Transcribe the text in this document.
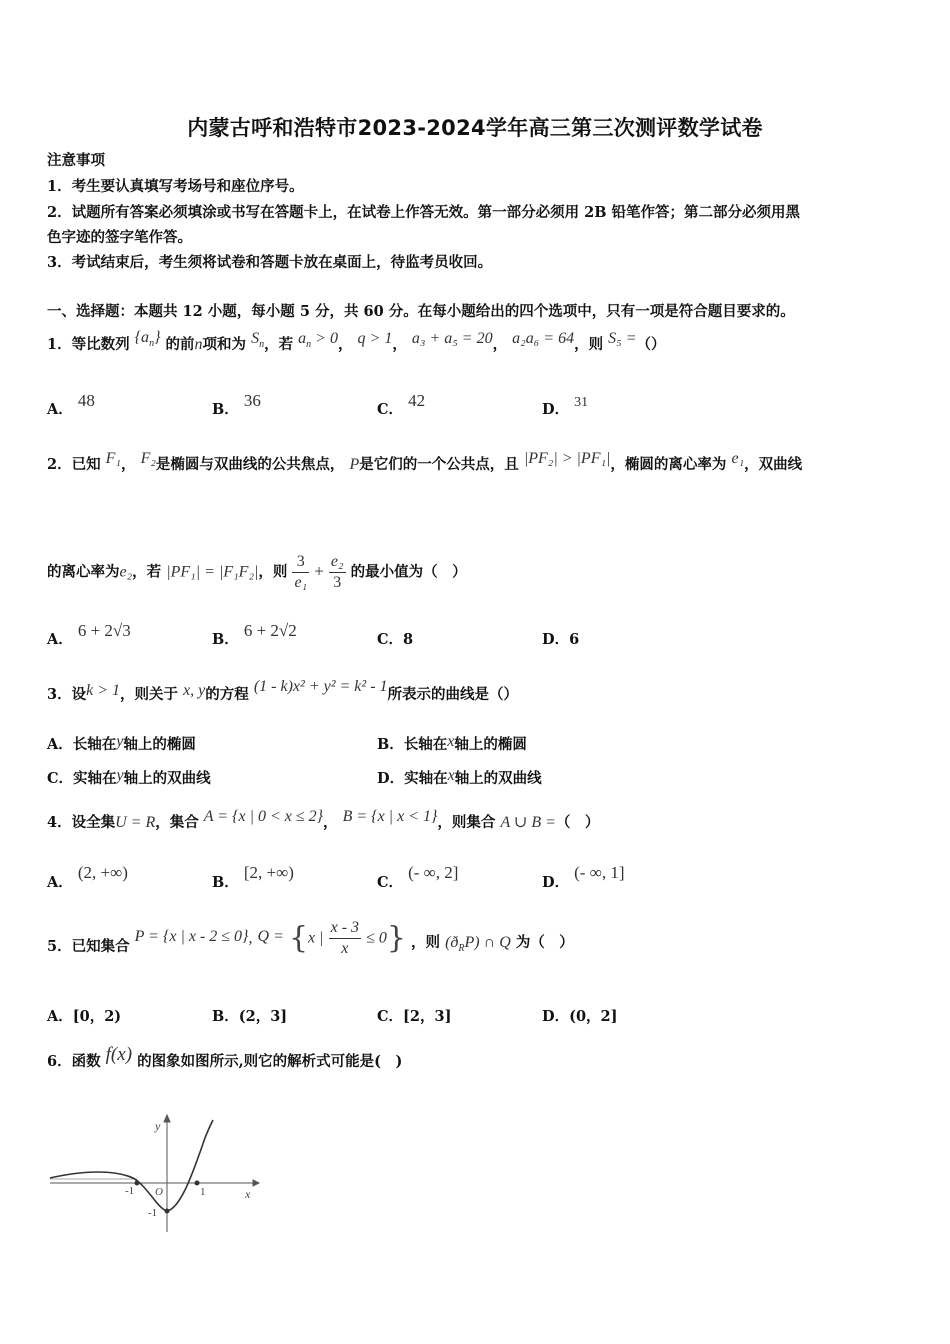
内蒙古呼和浩特市2023-2024学年高三第三次测评数学试卷
注意事项
1．考生要认真填写考场号和座位序号。
2．试题所有答案必须填涂或书写在答题卡上，在试卷上作答无效。第一部分必须用 2B 铅笔作答；第二部分必须用黑
色字迹的签字笔作答。
3．考试结束后，考生须将试卷和答题卡放在桌面上，待监考员收回。
一、选择题：本题共 12 小题，每小题 5 分，共 60 分。在每小题给出的四个选项中，只有一项是符合题目要求的。
1．等比数列 $\{a_n\}$ 的前n项和为 $S_n$，若 $a_n > 0$， q > 1， a₃ + a₅ = 20， a₂a₆ = 64，则 S₅ =（）
A． 48	B． 36	C． 42	D． 31
2．已知 F₁， F₂是椭圆与双曲线的公共焦点， P是它们的一个公共点，且 |PF₂| > |PF₁|，椭圆的离心率为 e₁，双曲线
的离心率为e₂，若 |PF₁| = |F₁F₂|，则 $\frac{3}{\text{e₁}} + \frac{\text{e₂}}{3}$ 的最小值为（　）
A． 6 + 2√3	B． 6 + 2√2	C．8	D．6
3．设k > 1，则关于 x, y的方程 (1 - k)x² + y² = k² - 1所表示的曲线是（）
A．长轴在y轴上的椭圆	B．长轴在x轴上的椭圆
C．实轴在y轴上的双曲线	D．实轴在x轴上的双曲线
4．设全集U = R，集合 A = {x | 0 < x ≤ 2}， B = {x | x < 1}，则集合 A ∪ B =（　）
A． (2, +∞)
B． [2, +∞)
C． (- ∞, 2]
D． (- ∞, 1]
5．已知集合 P = {x | x - 2 ≤ 0}, Q = {x | $\frac{x - 3}{x} \le 0$} ，则 $(ð_RP)$ ∩ Q 为（　）
A．[0，2)	B．(2，3]	C．[2，3]	D．(0，2]
6．函数 f(x) 的图象如图所示,则它的解析式可能是(　)
y
x
O
-1	1
-1
